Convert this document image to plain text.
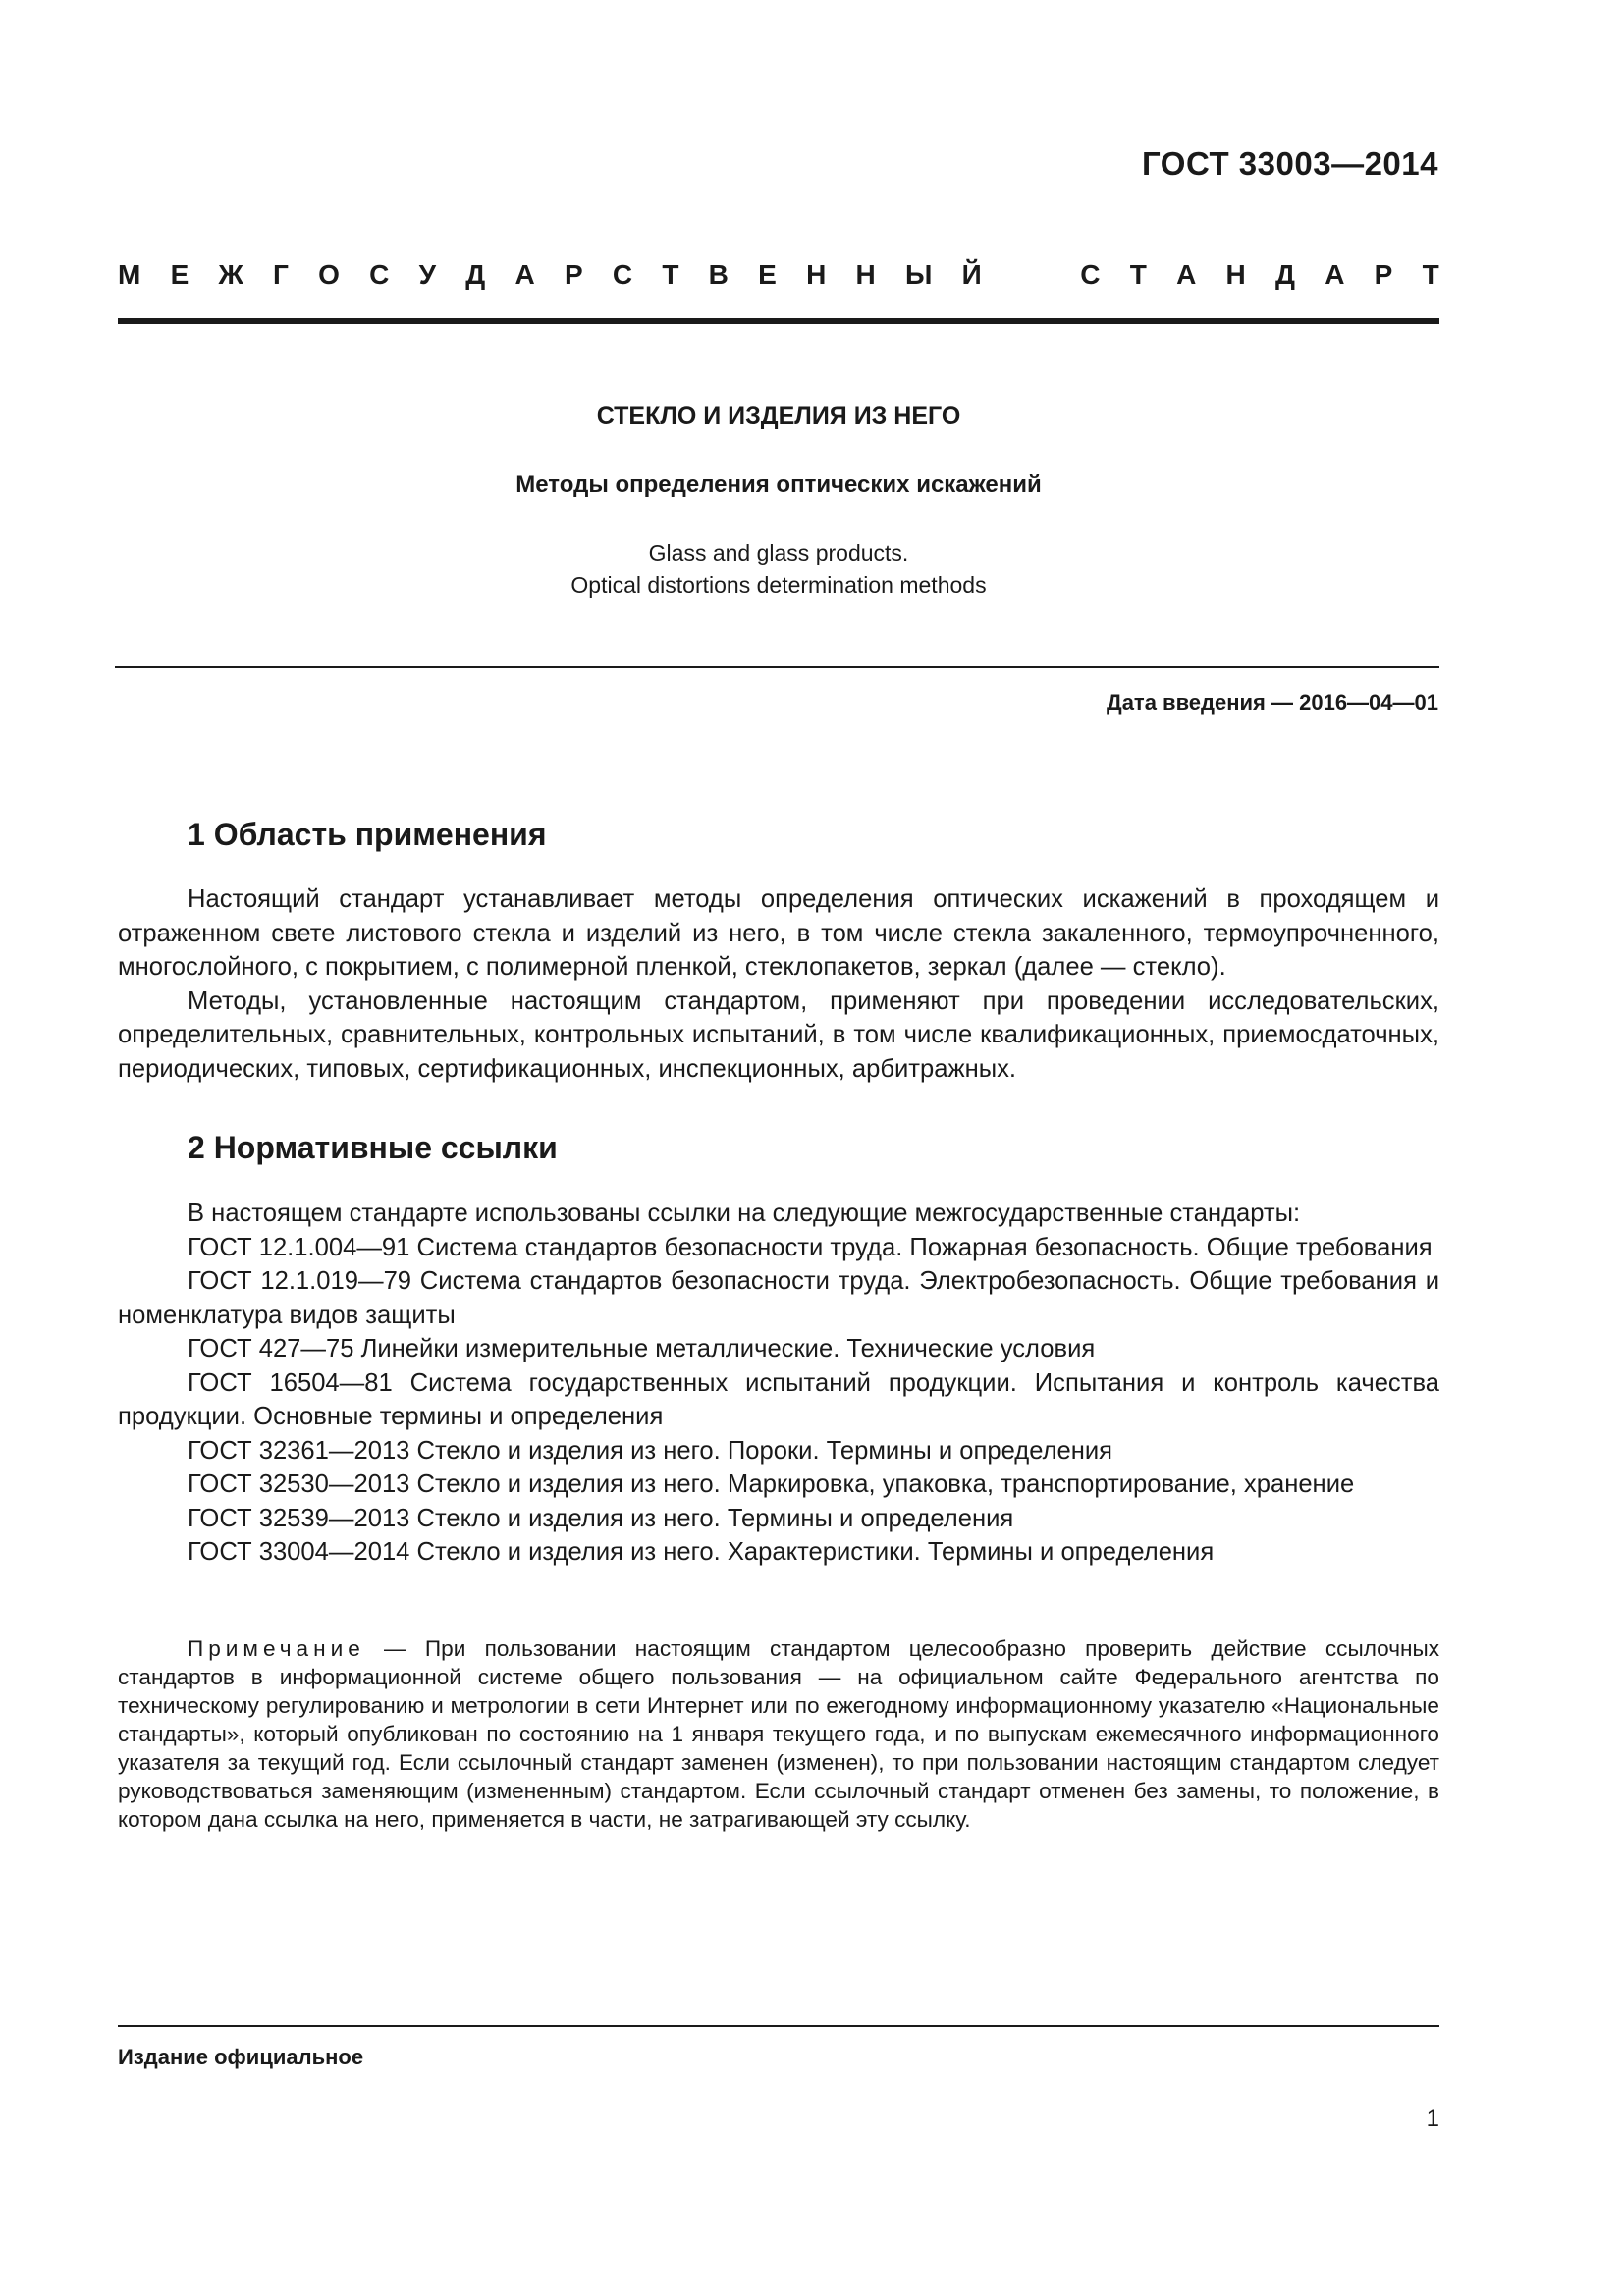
ГОСТ 33003—2014
М Е Ж Г О С У Д А Р С Т В Е Н Н Ы Й	С Т А Н Д А Р Т
СТЕКЛО И ИЗДЕЛИЯ ИЗ НЕГО
Методы определения оптических искажений
Glass and glass products.
Optical distortions determination methods
Дата введения — 2016—04—01
1 Область применения

Настоящий стандарт устанавливает методы определения оптических искажений в проходящем и отраженном свете листового стекла и изделий из него, в том числе стекла закаленного, термоупрочненного, многослойного, с покрытием, с полимерной пленкой, стеклопакетов, зеркал (далее — стекло).

Методы, установленные настоящим стандартом, применяют при проведении исследовательских, определительных, сравнительных, контрольных испытаний, в том числе квалификационных, приемосдаточных, периодических, типовых, сертификационных, инспекционных, арбитражных.

2 Нормативные ссылки

В настоящем стандарте использованы ссылки на следующие межгосударственные стандарты:

ГОСТ 12.1.004—91 Система стандартов безопасности труда. Пожарная безопасность. Общие требования

ГОСТ 12.1.019—79 Система стандартов безопасности труда. Электробезопасность. Общие требования и номенклатура видов защиты

ГОСТ 427—75 Линейки измерительные металлические. Технические условия

ГОСТ 16504—81 Система государственных испытаний продукции. Испытания и контроль качества продукции. Основные термины и определения

ГОСТ 32361—2013 Стекло и изделия из него. Пороки. Термины и определения

ГОСТ 32530—2013 Стекло и изделия из него. Маркировка, упаковка, транспортирование, хранение

ГОСТ 32539—2013 Стекло и изделия из него. Термины и определения

ГОСТ 33004—2014 Стекло и изделия из него. Характеристики. Термины и определения

Примечание — При пользовании настоящим стандартом целесообразно проверить действие ссылочных стандартов в информационной системе общего пользования — на официальном сайте Федерального агентства по техническому регулированию и метрологии в сети Интернет или по ежегодному информационному указателю «Национальные стандарты», который опубликован по состоянию на 1 января текущего года, и по выпускам ежемесячного информационного указателя за текущий год. Если ссылочный стандарт заменен (изменен), то при пользовании настоящим стандартом следует руководствоваться заменяющим (измененным) стандартом. Если ссылочный стандарт отменен без замены, то положение, в котором дана ссылка на него, применяется в части, не затрагивающей эту ссылку.

Издание официальное
1
